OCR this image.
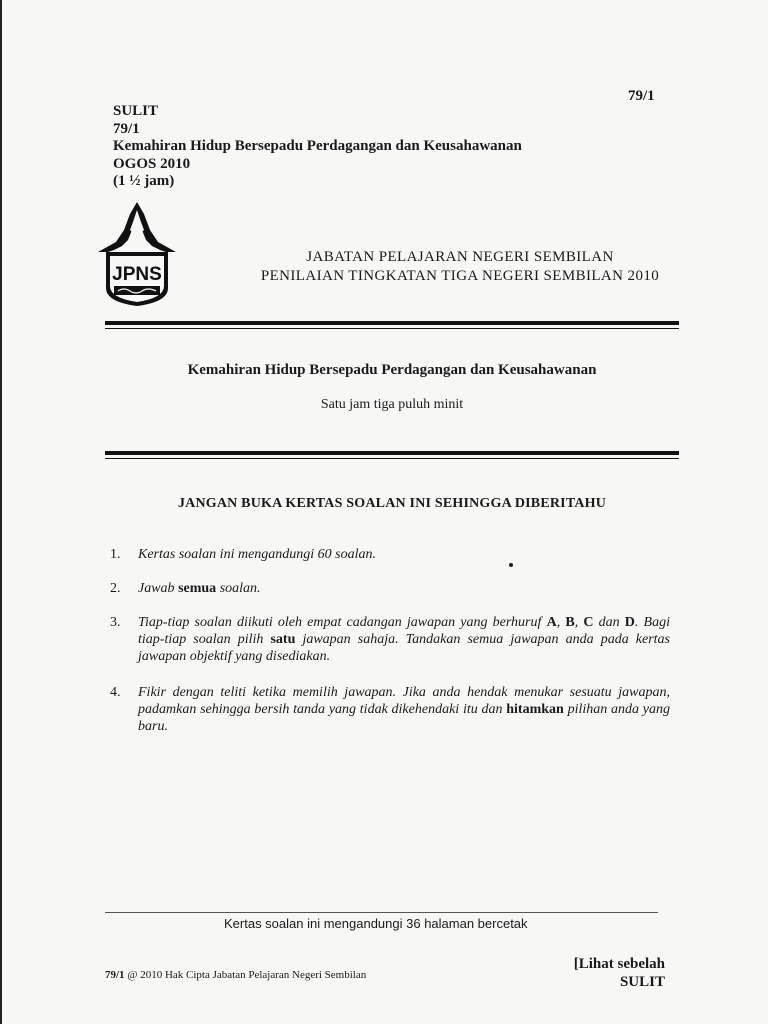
79/1
SULIT
79/1
Kemahiran Hidup Bersepadu Perdagangan dan Keusahawanan
OGOS 2010
(1 ½ jam)
JPNS
JABATAN PELAJARAN NEGERI SEMBILAN
PENILAIAN TINGKATAN TIGA NEGERI SEMBILAN 2010
Kemahiran Hidup Bersepadu Perdagangan dan Keusahawanan
Satu jam tiga puluh minit
JANGAN BUKA KERTAS SOALAN INI SEHINGGA DIBERITAHU
1.	Kertas soalan ini mengandungi 60 soalan.
2.	Jawab semua soalan.
3.	Tiap-tiap soalan diikuti oleh empat cadangan jawapan yang berhuruf A, B, C dan D. Bagi tiap-tiap soalan pilih satu jawapan sahaja. Tandakan semua jawapan anda pada kertas jawapan objektif yang disediakan.
4.	Fikir dengan teliti ketika memilih jawapan. Jika anda hendak menukar sesuatu jawapan, padamkan sehingga bersih tanda yang tidak dikehendaki itu dan hitamkan pilihan anda yang baru.
Kertas soalan ini mengandungi 36 halaman bercetak
[Lihat sebelah
SULIT
79/1 @ 2010 Hak Cipta Jabatan Pelajaran Negeri Sembilan
